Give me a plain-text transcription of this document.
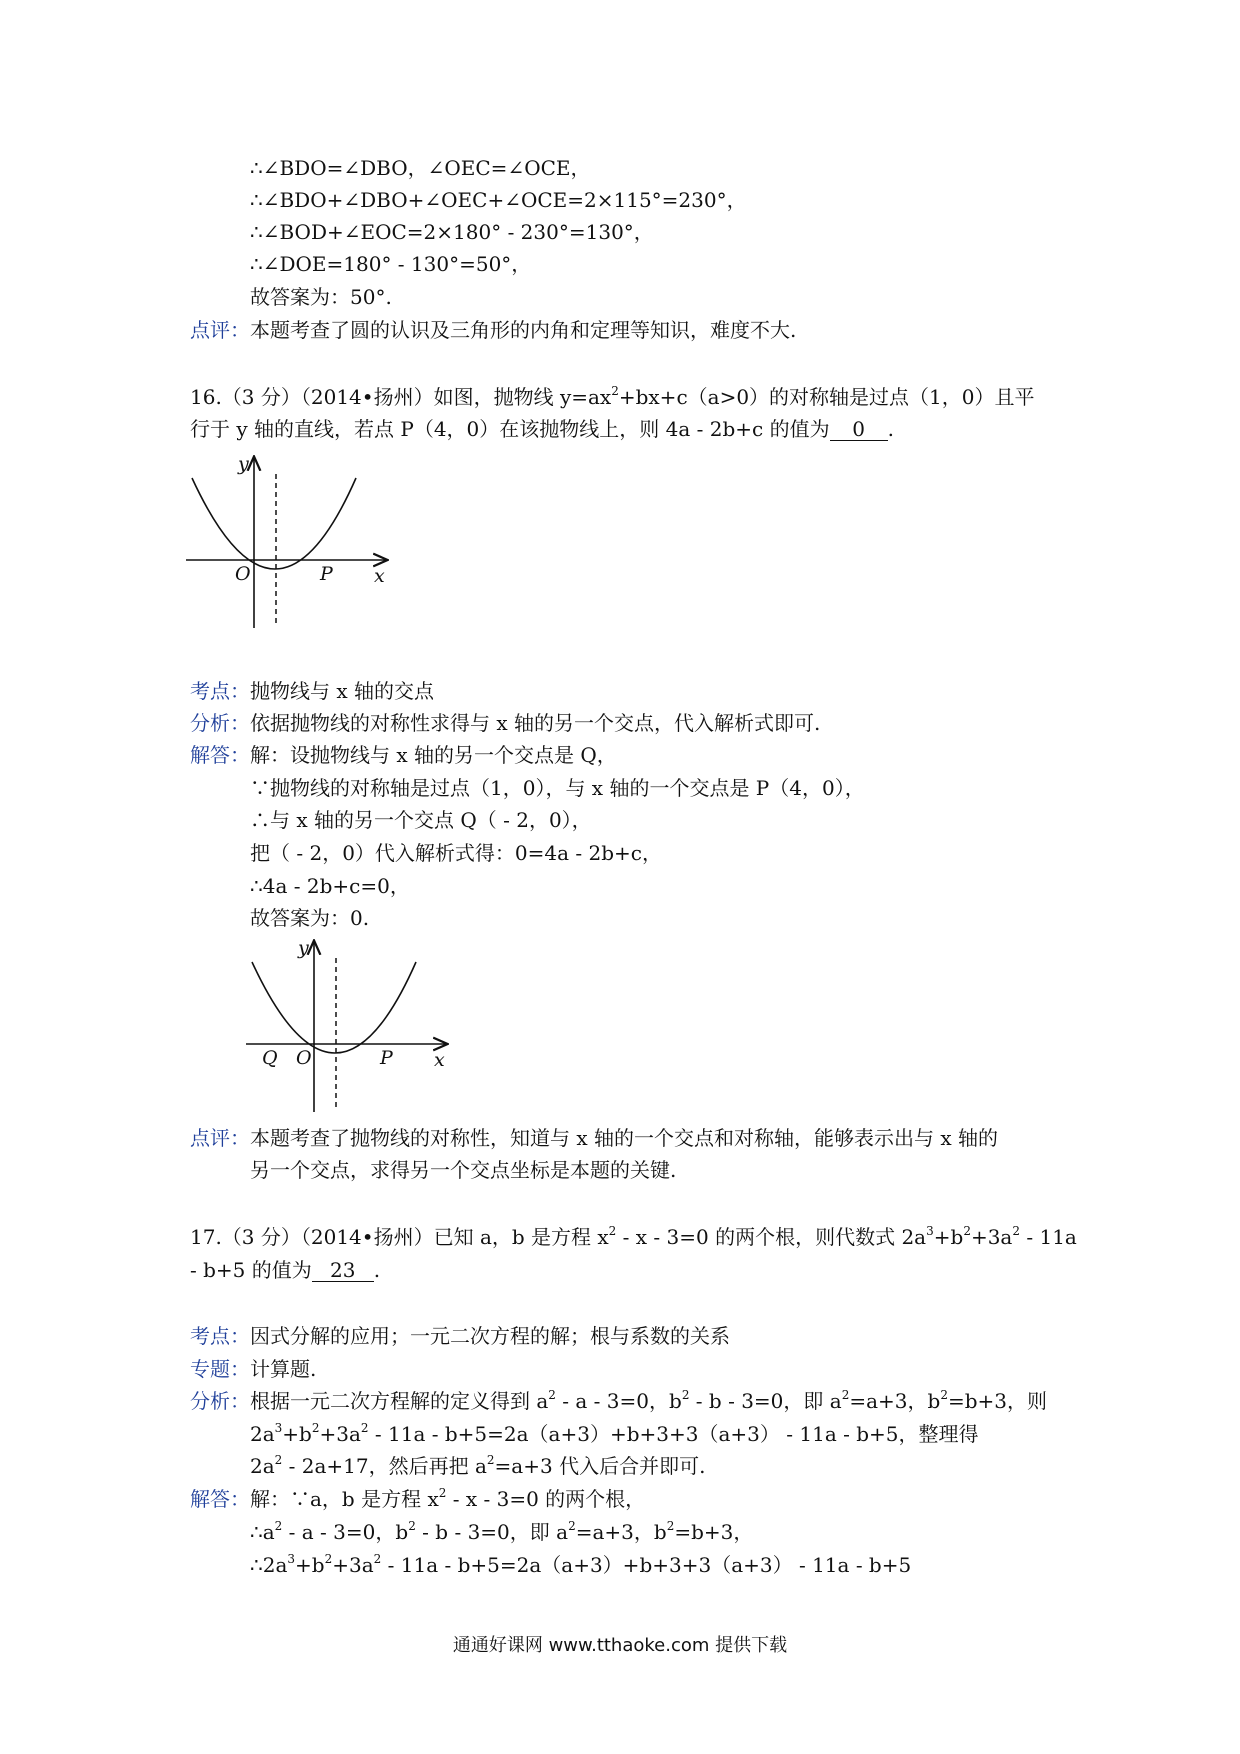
∴∠BDO=∠DBO，∠OEC=∠OCE，
∴∠BDO+∠DBO+∠OEC+∠OCE=2×115°=230°，
∴∠BOD+∠EOC=2×180° - 230°=130°，
∴∠DOE=180° - 130°=50°，
故答案为：50°.
点评：本题考查了圆的认识及三角形的内角和定理等知识，难度不大.
16.（3 分）（2014•扬州）如图，抛物线 $y=ax^2+bx+c(a>0)$的对称轴是过点（1，0）且平
行于 y 轴的直线，若点 P（4，0）在该抛物线上，则 4a - 2b+c 的值为 0 .
y
x
O	P
考点：抛物线与 x 轴的交点
分析：依据抛物线的对称性求得与 x 轴的另一个交点，代入解析式即可.
解答：解：设抛物线与 x 轴的另一个交点是 Q，
∵抛物线的对称轴是过点（1，0），与 x 轴的一个交点是 P（4，0），
∴与 x 轴的另一个交点 Q（ - 2，0），
把（ - 2，0）代入解析式得：0=4a - 2b+c，
∴4a - 2b+c=0，
故答案为：0.
y
x
O	P
Q
点评：本题考查了抛物线的对称性，知道与 x 轴的一个交点和对称轴，能够表示出与 x 轴的
另一个交点，求得另一个交点坐标是本题的关键.
17.（3 分）（2014•扬州）已知 a，b 是方程 $x^2 - x - 3=0$ 的两个根，则代数式 $2a^3+b^2+3a^2 - 11a$
- b+5 的值为 23 .
考点：因式分解的应用；一元二次方程的解；根与系数的关系
专题：计算题.
分析：根据一元二次方程解的定义得到 $a^2 - a - 3=0$，$b^2 - b - 3=0$，即 $a^2=a+3$，$b^2=b+3$，则
$2a^3+b^2+3a^2 - 11a - b+5=2a(a+3)+b+3+3(a+3) - 11a - b+5$，整理得
$2a^2 - 2a+17$，然后再把 $a^2=a+3$ 代入后合并即可.
解答：解：∵a，b 是方程 $x^2 - x - 3=0$ 的两个根，
$\therefore a^2 - a - 3=0$，$b^2 - b - 3=0$，即 $a^2=a+3$，$b^2=b+3$，
$\therefore 2a^3+b^2+3a^2 - 11a - b+5=2a(a+3)+b+3+3(a+3) - 11a - b+5$
通通好课网 www.tthaoke.com 提供下载
